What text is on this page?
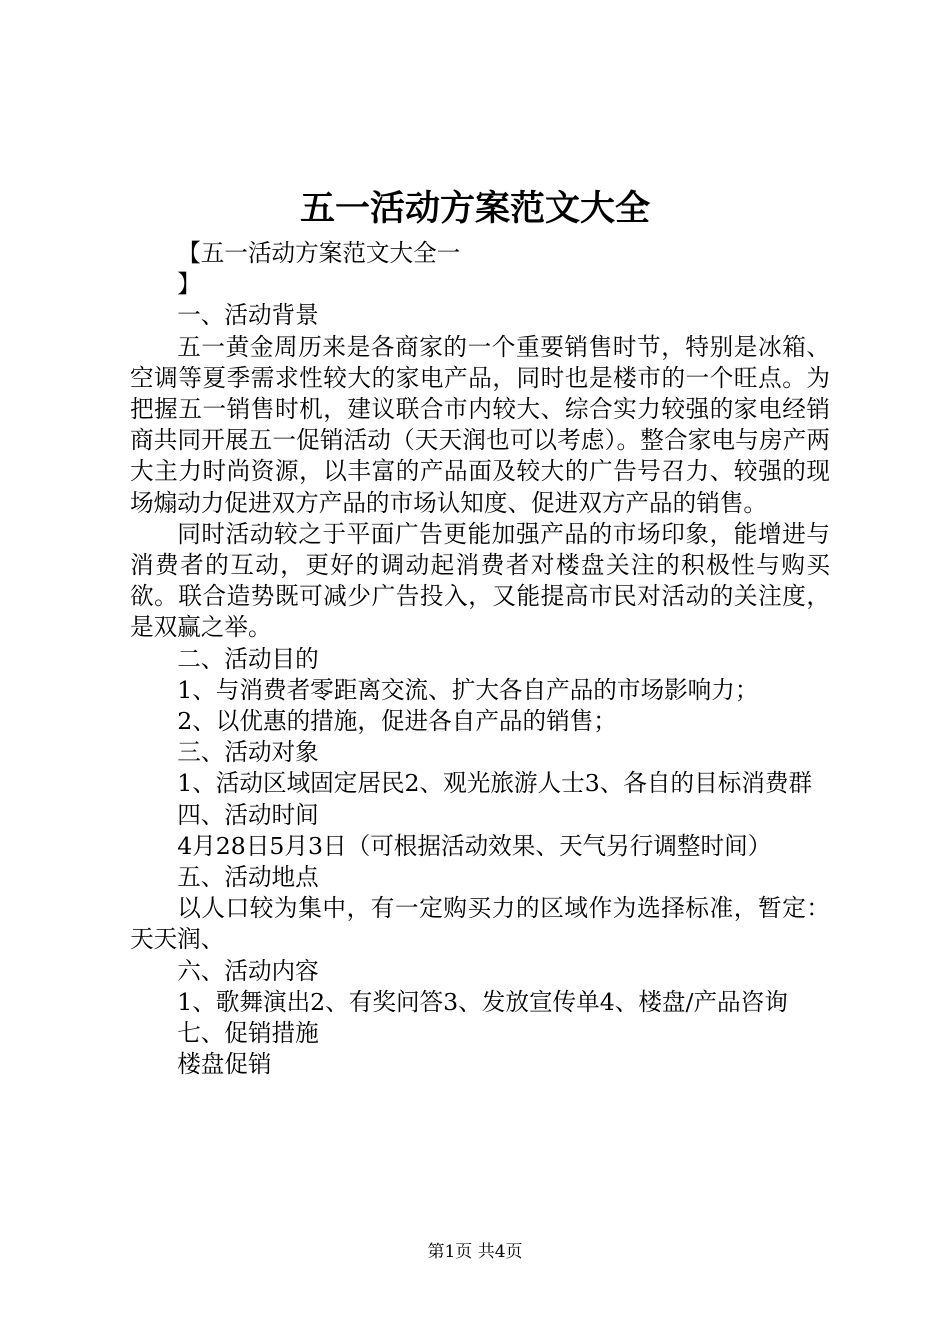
五一活动方案范文大全

【五一活动方案范文大全一

】

一、活动背景

五一黄金周历来是各商家的一个重要销售时节，特别是冰箱、空调等夏季需求性较大的家电产品，同时也是楼市的一个旺点。为把握五一销售时机，建议联合市内较大、综合实力较强的家电经销商共同开展五一促销活动（天天润也可以考虑）。整合家电与房产两大主力时尚资源，以丰富的产品面及较大的广告号召力、较强的现场煽动力促进双方产品的市场认知度、促进双方产品的销售。

同时活动较之于平面广告更能加强产品的市场印象，能增进与消费者的互动，更好的调动起消费者对楼盘关注的积极性与购买欲。联合造势既可减少广告投入，又能提高市民对活动的关注度，是双赢之举。

二、活动目的

1、与消费者零距离交流、扩大各自产品的市场影响力；

2、以优惠的措施，促进各自产品的销售；

三、活动对象

1、活动区域固定居民2、观光旅游人士3、各自的目标消费群

四、活动时间

4月28日5月3日（可根据活动效果、天气另行调整时间）

五、活动地点

以人口较为集中，有一定购买力的区域作为选择标准，暂定：天天润、

六、活动内容

1、歌舞演出2、有奖问答3、发放宣传单4、楼盘/产品咨询

七、促销措施

楼盘促销

第1页 共4页
